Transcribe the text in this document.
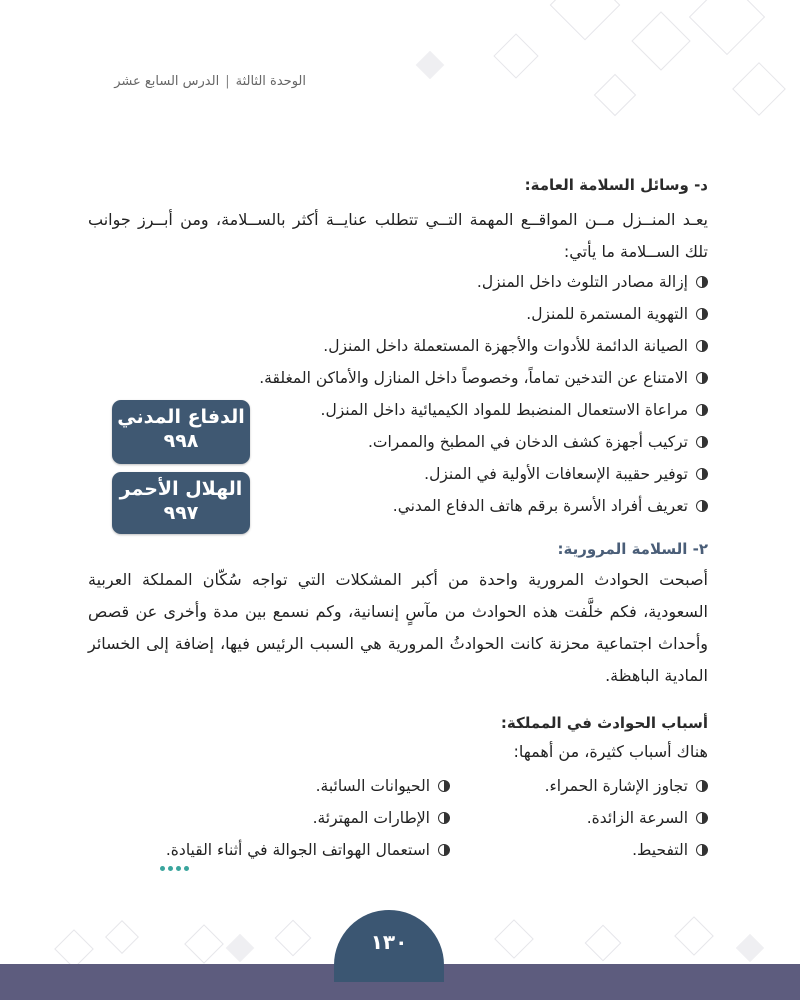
الوحدة الثالثة|الدرس السابع عشر
د- وسائل السلامة العامة:

يعـد المنــزل مــن المواقــع المهمة التــي تتطلب عنايــة أكثر بالســلامة، ومن أبــرز جوانب تلك الســلامة ما يأتي:

إزالة مصادر التلوث داخل المنزل.
التهوية المستمرة للمنزل.
الصيانة الدائمة للأدوات والأجهزة المستعملة داخل المنزل.
الامتناع عن التدخين تماماً، وخصوصاً داخل المنازل والأماكن المغلقة.
مراعاة الاستعمال المنضبط للمواد الكيميائية داخل المنزل.
تركيب أجهزة كشف الدخان في المطبخ والممرات.
توفير حقيبة الإسعافات الأولية في المنزل.
تعريف أفراد الأسرة برقم هاتف الدفاع المدني.
الدفاع المدني
٩٩٨
الهلال الأحمر
٩٩٧
٢- السلامة المرورية:

أصبحت الحوادث المرورية واحدة من أكبر المشكلات التي تواجه سُكّان المملكة العربية السعودية، فكم خلَّفت هذه الحوادث من مآسٍ إنسانية، وكم نسمع بين مدة وأخرى عن قصص وأحداث اجتماعية محزنة كانت الحوادثُ المرورية هي السبب الرئيس فيها، إضافة إلى الخسائر المادية الباهظة.

أسباب الحوادث في المملكة:
هناك أسباب كثيرة، من أهمها:
تجاوز الإشارة الحمراء.
السرعة الزائدة.
التفحيط.
الحيوانات السائبة.
الإطارات المهترئة.
استعمال الهواتف الجوالة في أثناء القيادة.
١٣٠
